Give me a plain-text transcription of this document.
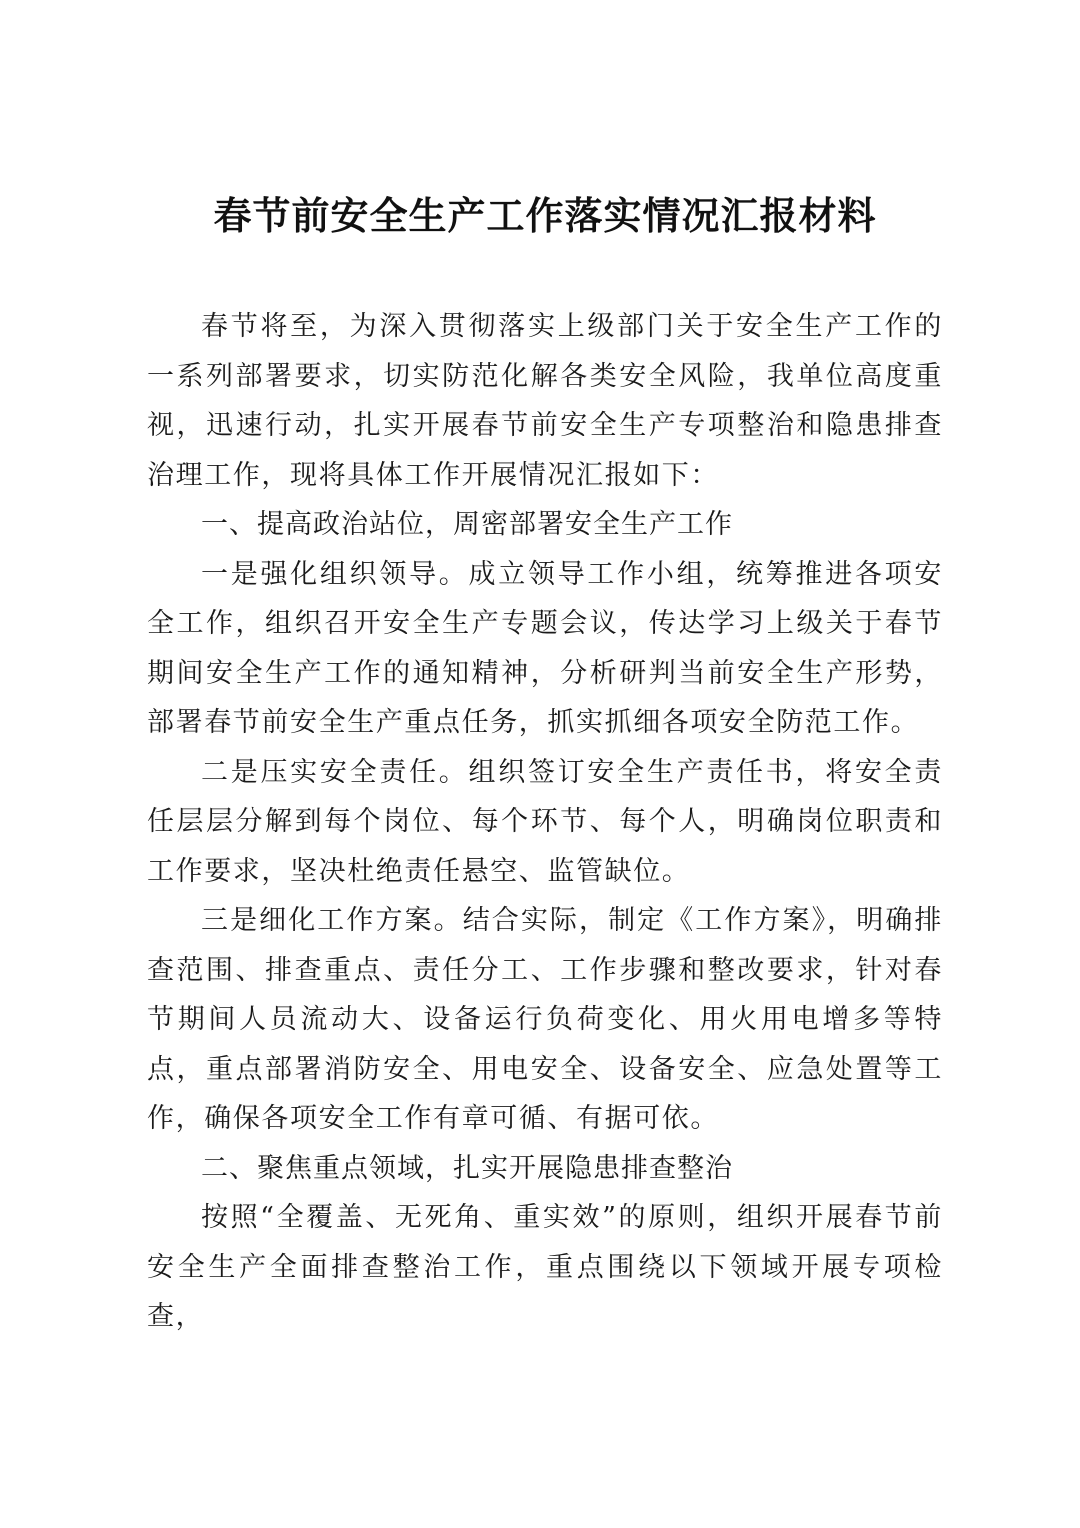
春节前安全生产工作落实情况汇报材料

春节将至，为深入贯彻落实上级部门关于安全生产工作的一系列部署要求，切实防范化解各类安全风险，我单位高度重视，迅速行动，扎实开展春节前安全生产专项整治和隐患排查治理工作，现将具体工作开展情况汇报如下：

一、提高政治站位，周密部署安全生产工作

一是强化组织领导。成立领导工作小组，统筹推进各项安全工作，组织召开安全生产专题会议，传达学习上级关于春节期间安全生产工作的通知精神，分析研判当前安全生产形势，部署春节前安全生产重点任务，抓实抓细各项安全防范工作。

二是压实安全责任。组织签订安全生产责任书，将安全责任层层分解到每个岗位、每个环节、每个人，明确岗位职责和工作要求，坚决杜绝责任悬空、监管缺位。

三是细化工作方案。结合实际，制定《工作方案》，明确排查范围、排查重点、责任分工、工作步骤和整改要求，针对春节期间人员流动大、设备运行负荷变化、用火用电增多等特点，重点部署消防安全、用电安全、设备安全、应急处置等工作，确保各项安全工作有章可循、有据可依。

二、聚焦重点领域，扎实开展隐患排查整治

按照“全覆盖、无死角、重实效”的原则，组织开展春节前安全生产全面排查整治工作，重点围绕以下领域开展专项检查，
